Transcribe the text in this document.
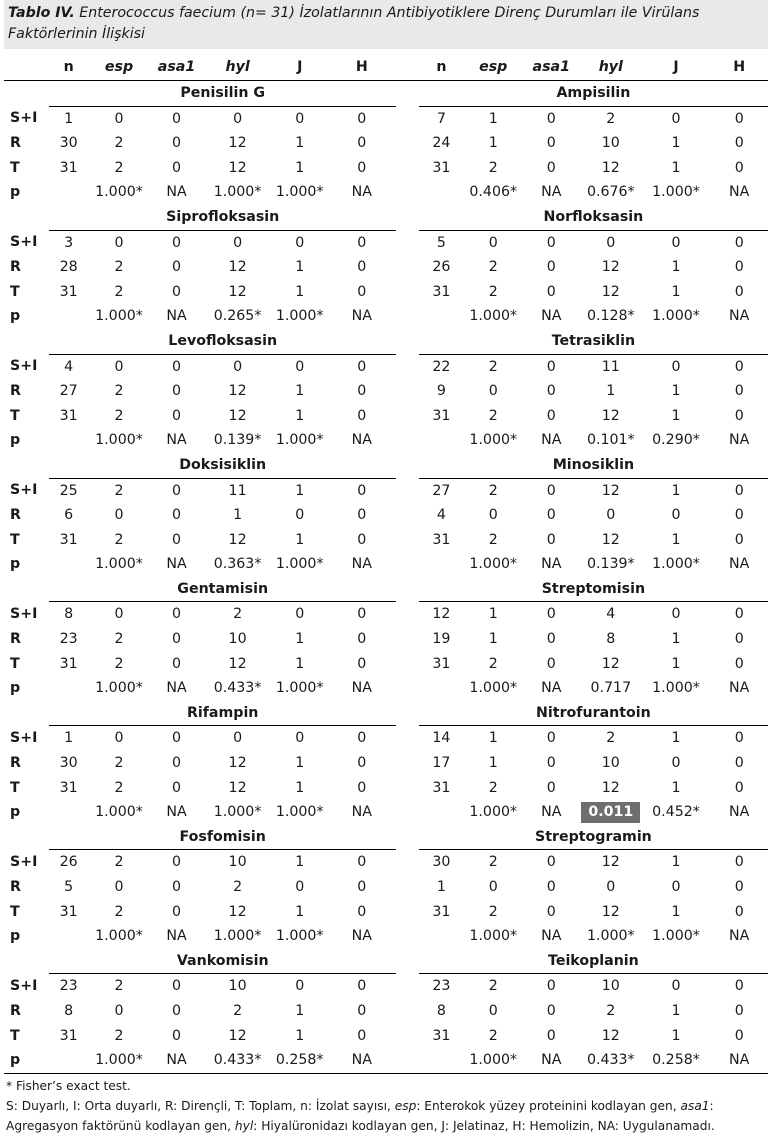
Tablo IV. Enterococcus faecium (n= 31) İzolatlarının Antibiyotiklere Direnç Durumları ile Virülans Faktörlerinin İlişkisi
	n	esp	asa1	hyl	J	H		n	esp	asa1	hyl	J	H
	Penisilin G							Ampisilin					
S+I	1	0	0	0	0	0		7	1	0	2	0	0
R	30	2	0	12	1	0		24	1	0	10	1	0
T	31	2	0	12	1	0		31	2	0	12	1	0
p		1.000*	NA	1.000*	1.000*	NA			0.406*	NA	0.676*	1.000*	NA
	Siprofloksasin							Norfloksasin					
S+I	3	0	0	0	0	0		5	0	0	0	0	0
R	28	2	0	12	1	0		26	2	0	12	1	0
T	31	2	0	12	1	0		31	2	0	12	1	0
p		1.000*	NA	0.265*	1.000*	NA			1.000*	NA	0.128*	1.000*	NA
	Levofloksasin							Tetrasiklin					
S+I	4	0	0	0	0	0		22	2	0	11	0	0
R	27	2	0	12	1	0		9	0	0	1	1	0
T	31	2	0	12	1	0		31	2	0	12	1	0
p		1.000*	NA	0.139*	1.000*	NA			1.000*	NA	0.101*	0.290*	NA
	Doksisiklin							Minosiklin					
S+I	25	2	0	11	1	0		27	2	0	12	1	0
R	6	0	0	1	0	0		4	0	0	0	0	0
T	31	2	0	12	1	0		31	2	0	12	1	0
p		1.000*	NA	0.363*	1.000*	NA			1.000*	NA	0.139*	1.000*	NA
	Gentamisin							Streptomisin					
S+I	8	0	0	2	0	0		12	1	0	4	0	0
R	23	2	0	10	1	0		19	1	0	8	1	0
T	31	2	0	12	1	0		31	2	0	12	1	0
p		1.000*	NA	0.433*	1.000*	NA			1.000*	NA	0.717	1.000*	NA
	Rifampin							Nitrofurantoin					
S+I	1	0	0	0	0	0		14	1	0	2	1	0
R	30	2	0	12	1	0		17	1	0	10	0	0
T	31	2	0	12	1	0		31	2	0	12	1	0
p		1.000*	NA	1.000*	1.000*	NA			1.000*	NA	0.011	0.452*	NA
	Fosfomisin							Streptogramin					
S+I	26	2	0	10	1	0		30	2	0	12	1	0
R	5	0	0	2	0	0		1	0	0	0	0	0
T	31	2	0	12	1	0		31	2	0	12	1	0
p		1.000*	NA	1.000*	1.000*	NA			1.000*	NA	1.000*	1.000*	NA
	Vankomisin							Teikoplanin					
S+I	23	2	0	10	0	0		23	2	0	10	0	0
R	8	0	0	2	1	0		8	0	0	2	1	0
T	31	2	0	12	1	0		31	2	0	12	1	0
p		1.000*	NA	0.433*	0.258*	NA			1.000*	NA	0.433*	0.258*	NA
* Fisher’s exact test.
S: Duyarlı, I: Orta duyarlı, R: Dirençli, T: Toplam, n: İzolat sayısı, esp: Enterokok yüzey proteinini kodlayan gen, asa1:
Agregasyon faktörünü kodlayan gen, hyl: Hiyalüronidazı kodlayan gen, J: Jelatinaz, H: Hemolizin, NA: Uygulanamadı.
